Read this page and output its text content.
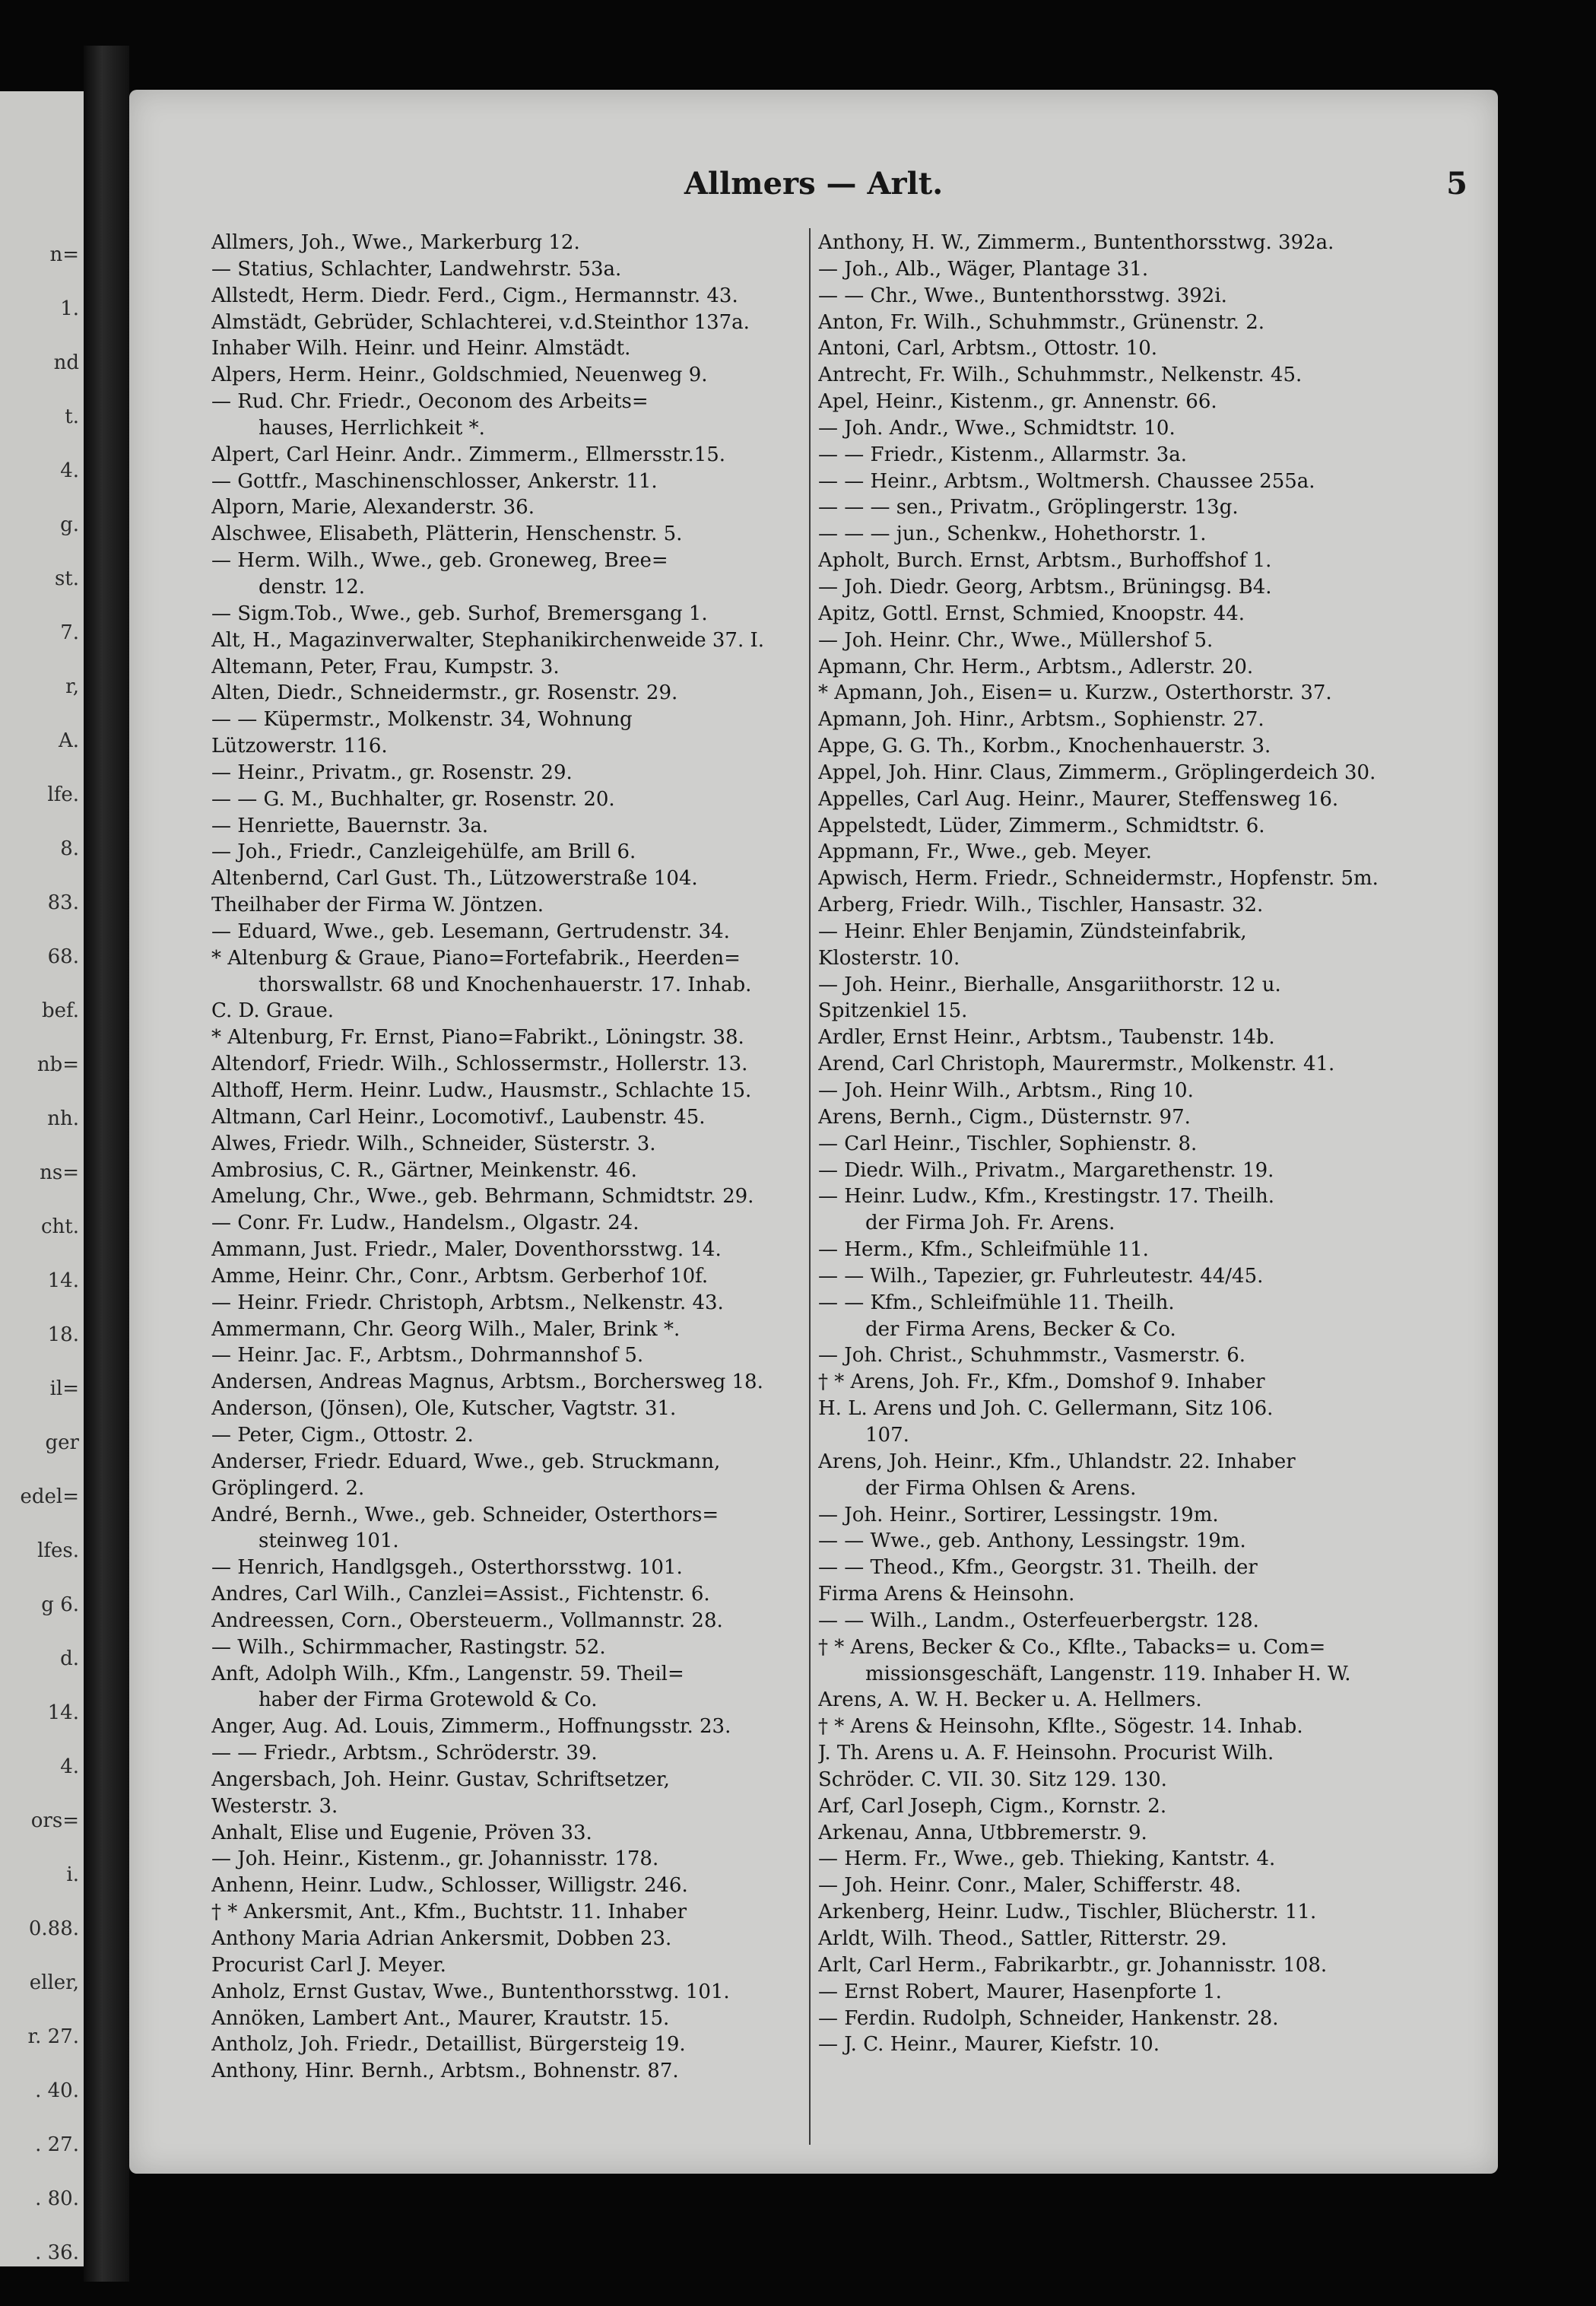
n=
1.
nd
t.
4.
g.
st.
7.
r,
A.
lfe.
8.
83.
68.
bef.
nb=
nh.
ns=
cht.
14.
18.
il=
ger
edel=
lfes.
g 6.
d.
14.
4.
ors=
i.
0.88.
eller,
r. 27.
. 40.
. 27.
. 80.
. 36.
Allmers — Arlt.	5
Allmers, Joh., Wwe., Markerburg 12.
— Statius, Schlachter, Landwehrstr. 53a.
Allstedt, Herm. Diedr. Ferd., Cigm., Hermannstr. 43.
Almstädt, Gebrüder, Schlachterei, v.d.Steinthor 137a.
Inhaber Wilh. Heinr. und Heinr. Almstädt.
Alpers, Herm. Heinr., Goldschmied, Neuenweg 9.
— Rud. Chr. Friedr., Oeconom des Arbeits=
hauses, Herrlichkeit *.
Alpert, Carl Heinr. Andr.. Zimmerm., Ellmersstr.15.
— Gottfr., Maschinenschlosser, Ankerstr. 11.
Alporn, Marie, Alexanderstr. 36.
Alschwee, Elisabeth, Plätterin, Henschenstr. 5.
— Herm. Wilh., Wwe., geb. Groneweg, Bree=
denstr. 12.
— Sigm.Tob., Wwe., geb. Surhof, Bremersgang 1.
Alt, H., Magazinverwalter, Stephanikirchenweide 37. I.
Altemann, Peter, Frau, Kumpstr. 3.
Alten, Diedr., Schneidermstr., gr. Rosenstr. 29.
— — Küpermstr., Molkenstr. 34, Wohnung
Lützowerstr. 116.
— Heinr., Privatm., gr. Rosenstr. 29.
— — G. M., Buchhalter, gr. Rosenstr. 20.
— Henriette, Bauernstr. 3a.
— Joh., Friedr., Canzleigehülfe, am Brill 6.
Altenbernd, Carl Gust. Th., Lützowerstraße 104.
Theilhaber der Firma W. Jöntzen.
— Eduard, Wwe., geb. Lesemann, Gertrudenstr. 34.
* Altenburg & Graue, Piano=Fortefabrik., Heerden=
thorswallstr. 68 und Knochenhauerstr. 17. Inhab.
C. D. Graue.
* Altenburg, Fr. Ernst, Piano=Fabrikt., Löningstr. 38.
Altendorf, Friedr. Wilh., Schlossermstr., Hollerstr. 13.
Althoff, Herm. Heinr. Ludw., Hausmstr., Schlachte 15.
Altmann, Carl Heinr., Locomotivf., Laubenstr. 45.
Alwes, Friedr. Wilh., Schneider, Süsterstr. 3.
Ambrosius, C. R., Gärtner, Meinkenstr. 46.
Amelung, Chr., Wwe., geb. Behrmann, Schmidtstr. 29.
— Conr. Fr. Ludw., Handelsm., Olgastr. 24.
Ammann, Just. Friedr., Maler, Doventhorsstwg. 14.
Amme, Heinr. Chr., Conr., Arbtsm. Gerberhof 10f.
— Heinr. Friedr. Christoph, Arbtsm., Nelkenstr. 43.
Ammermann, Chr. Georg Wilh., Maler, Brink *.
— Heinr. Jac. F., Arbtsm., Dohrmannshof 5.
Andersen, Andreas Magnus, Arbtsm., Borchersweg 18.
Anderson, (Jönsen), Ole, Kutscher, Vagtstr. 31.
— Peter, Cigm., Ottostr. 2.
Anderser, Friedr. Eduard, Wwe., geb. Struckmann,
Gröplingerd. 2.
André, Bernh., Wwe., geb. Schneider, Osterthors=
steinweg 101.
— Henrich, Handlgsgeh., Osterthorsstwg. 101.
Andres, Carl Wilh., Canzlei=Assist., Fichtenstr. 6.
Andreessen, Corn., Obersteuerm., Vollmannstr. 28.
— Wilh., Schirmmacher, Rastingstr. 52.
Anft, Adolph Wilh., Kfm., Langenstr. 59. Theil=
haber der Firma Grotewold & Co.
Anger, Aug. Ad. Louis, Zimmerm., Hoffnungsstr. 23.
— — Friedr., Arbtsm., Schröderstr. 39.
Angersbach, Joh. Heinr. Gustav, Schriftsetzer,
Westerstr. 3.
Anhalt, Elise und Eugenie, Pröven 33.
— Joh. Heinr., Kistenm., gr. Johannisstr. 178.
Anhenn, Heinr. Ludw., Schlosser, Willigstr. 246.
† * Ankersmit, Ant., Kfm., Buchtstr. 11. Inhaber
Anthony Maria Adrian Ankersmit, Dobben 23.
Procurist Carl J. Meyer.
Anholz, Ernst Gustav, Wwe., Buntenthorsstwg. 101.
Annöken, Lambert Ant., Maurer, Krautstr. 15.
Antholz, Joh. Friedr., Detaillist, Bürgersteig 19.
Anthony, Hinr. Bernh., Arbtsm., Bohnenstr. 87.
Anthony, H. W., Zimmerm., Buntenthorsstwg. 392a.
— Joh., Alb., Wäger, Plantage 31.
— — Chr., Wwe., Buntenthorsstwg. 392i.
Anton, Fr. Wilh., Schuhmmstr., Grünenstr. 2.
Antoni, Carl, Arbtsm., Ottostr. 10.
Antrecht, Fr. Wilh., Schuhmmstr., Nelkenstr. 45.
Apel, Heinr., Kistenm., gr. Annenstr. 66.
— Joh. Andr., Wwe., Schmidtstr. 10.
— — Friedr., Kistenm., Allarmstr. 3a.
— — Heinr., Arbtsm., Woltmersh. Chaussee 255a.
— — — sen., Privatm., Gröplingerstr. 13g.
— — — jun., Schenkw., Hohethorstr. 1.
Apholt, Burch. Ernst, Arbtsm., Burhoffshof 1.
— Joh. Diedr. Georg, Arbtsm., Brüningsg. B4.
Apitz, Gottl. Ernst, Schmied, Knoopstr. 44.
— Joh. Heinr. Chr., Wwe., Müllershof 5.
Apmann, Chr. Herm., Arbtsm., Adlerstr. 20.
* Apmann, Joh., Eisen= u. Kurzw., Osterthorstr. 37.
Apmann, Joh. Hinr., Arbtsm., Sophienstr. 27.
Appe, G. G. Th., Korbm., Knochenhauerstr. 3.
Appel, Joh. Hinr. Claus, Zimmerm., Gröplingerdeich 30.
Appelles, Carl Aug. Heinr., Maurer, Steffensweg 16.
Appelstedt, Lüder, Zimmerm., Schmidtstr. 6.
Appmann, Fr., Wwe., geb. Meyer.
Apwisch, Herm. Friedr., Schneidermstr., Hopfenstr. 5m.
Arberg, Friedr. Wilh., Tischler, Hansastr. 32.
— Heinr. Ehler Benjamin, Zündsteinfabrik,
Klosterstr. 10.
— Joh. Heinr., Bierhalle, Ansgariithorstr. 12 u.
Spitzenkiel 15.
Ardler, Ernst Heinr., Arbtsm., Taubenstr. 14b.
Arend, Carl Christoph, Maurermstr., Molkenstr. 41.
— Joh. Heinr Wilh., Arbtsm., Ring 10.
Arens, Bernh., Cigm., Düsternstr. 97.
— Carl Heinr., Tischler, Sophienstr. 8.
— Diedr. Wilh., Privatm., Margarethenstr. 19.
— Heinr. Ludw., Kfm., Krestingstr. 17. Theilh.
der Firma Joh. Fr. Arens.
— Herm., Kfm., Schleifmühle 11.
— — Wilh., Tapezier, gr. Fuhrleutestr. 44/45.
— — Kfm., Schleifmühle 11. Theilh.
der Firma Arens, Becker & Co.
— Joh. Christ., Schuhmmstr., Vasmerstr. 6.
† * Arens, Joh. Fr., Kfm., Domshof 9. Inhaber
H. L. Arens und Joh. C. Gellermann, Sitz 106.
107.
Arens, Joh. Heinr., Kfm., Uhlandstr. 22. Inhaber
der Firma Ohlsen & Arens.
— Joh. Heinr., Sortirer, Lessingstr. 19m.
— — Wwe., geb. Anthony, Lessingstr. 19m.
— — Theod., Kfm., Georgstr. 31. Theilh. der
Firma Arens & Heinsohn.
— — Wilh., Landm., Osterfeuerbergstr. 128.
† * Arens, Becker & Co., Kflte., Tabacks= u. Com=
missionsgeschäft, Langenstr. 119. Inhaber H. W.
Arens, A. W. H. Becker u. A. Hellmers.
† * Arens & Heinsohn, Kflte., Sögestr. 14. Inhab.
J. Th. Arens u. A. F. Heinsohn. Procurist Wilh.
Schröder. C. VII. 30. Sitz 129. 130.
Arf, Carl Joseph, Cigm., Kornstr. 2.
Arkenau, Anna, Utbbremerstr. 9.
— Herm. Fr., Wwe., geb. Thieking, Kantstr. 4.
— Joh. Heinr. Conr., Maler, Schifferstr. 48.
Arkenberg, Heinr. Ludw., Tischler, Blücherstr. 11.
Arldt, Wilh. Theod., Sattler, Ritterstr. 29.
Arlt, Carl Herm., Fabrikarbtr., gr. Johannisstr. 108.
— Ernst Robert, Maurer, Hasenpforte 1.
— Ferdin. Rudolph, Schneider, Hankenstr. 28.
— J. C. Heinr., Maurer, Kiefstr. 10.
